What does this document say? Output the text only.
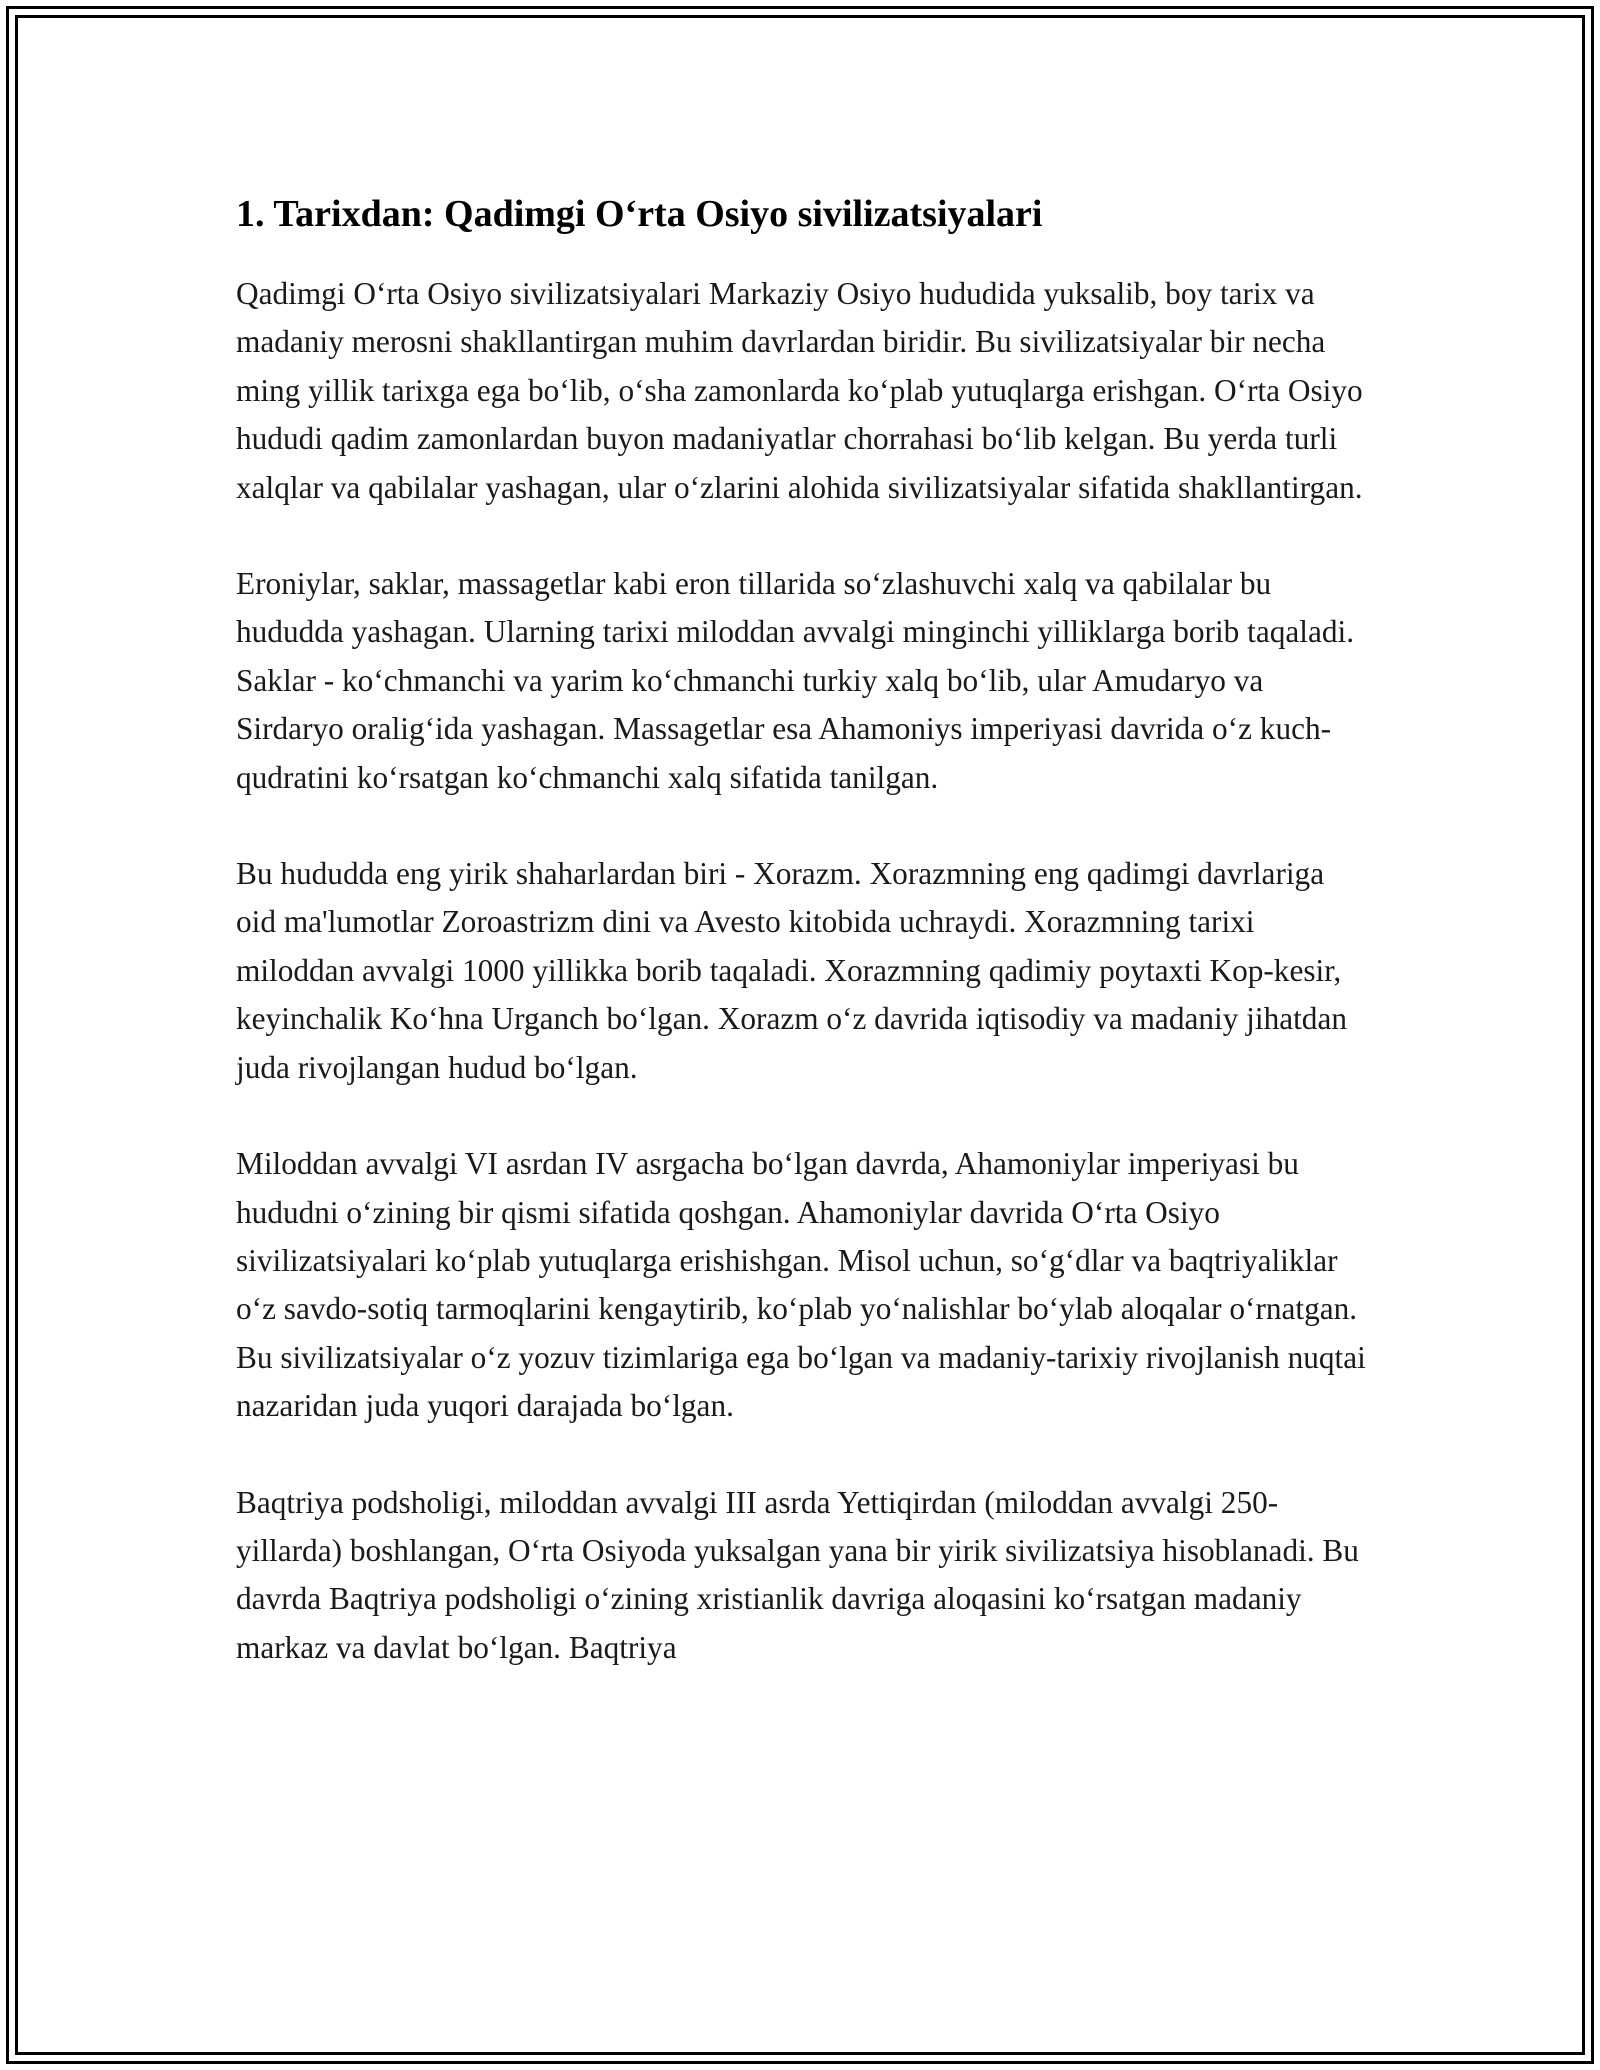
1. Tarixdan: Qadimgi O‘rta Osiyo sivilizatsiyalari

Qadimgi O‘rta Osiyo sivilizatsiyalari Markaziy Osiyo hududida yuksalib, boy tarix va madaniy merosni shakllantirgan muhim davrlardan biridir. Bu sivilizatsiyalar bir necha ming yillik tarixga ega bo‘lib, o‘sha zamonlarda ko‘plab yutuqlarga erishgan. O‘rta Osiyo hududi qadim zamonlardan buyon madaniyatlar chorrahasi bo‘lib kelgan. Bu yerda turli xalqlar va qabilalar yashagan, ular o‘zlarini alohida sivilizatsiyalar sifatida shakllantirgan.

Eroniylar, saklar, massagetlar kabi eron tillarida so‘zlashuvchi xalq va qabilalar bu hududda yashagan. Ularning tarixi miloddan avvalgi minginchi yilliklarga borib taqaladi. Saklar - ko‘chmanchi va yarim ko‘chmanchi turkiy xalq bo‘lib, ular Amudaryo va Sirdaryo oralig‘ida yashagan. Massagetlar esa Ahamoniys imperiyasi davrida o‘z kuch-qudratini ko‘rsatgan ko‘chmanchi xalq sifatida tanilgan.

Bu hududda eng yirik shaharlardan biri - Xorazm. Xorazmning eng qadimgi davrlariga oid ma'lumotlar Zoroastrizm dini va Avesto kitobida uchraydi. Xorazmning tarixi miloddan avvalgi 1000 yillikka borib taqaladi. Xorazmning qadimiy poytaxti Kop-kesir, keyinchalik Ko‘hna Urganch bo‘lgan. Xorazm o‘z davrida iqtisodiy va madaniy jihatdan juda rivojlangan hudud bo‘lgan.

Miloddan avvalgi VI asrdan IV asrgacha bo‘lgan davrda, Ahamoniylar imperiyasi bu hududni o‘zining bir qismi sifatida qoshgan. Ahamoniylar davrida O‘rta Osiyo sivilizatsiyalari ko‘plab yutuqlarga erishishgan. Misol uchun, so‘g‘dlar va baqtriyaliklar o‘z savdo-sotiq tarmoqlarini kengaytirib, ko‘plab yo‘nalishlar bo‘ylab aloqalar o‘rnatgan. Bu sivilizatsiyalar o‘z yozuv tizimlariga ega bo‘lgan va madaniy-tarixiy rivojlanish nuqtai nazaridan juda yuqori darajada bo‘lgan.

Baqtriya podsholigi, miloddan avvalgi III asrda Yettiqirdan (miloddan avvalgi 250-yillarda) boshlangan, O‘rta Osiyoda yuksalgan yana bir yirik sivilizatsiya hisoblanadi. Bu davrda Baqtriya podsholigi o‘zining xristianlik davriga aloqasini ko‘rsatgan madaniy markaz va davlat bo‘lgan. Baqtriya
